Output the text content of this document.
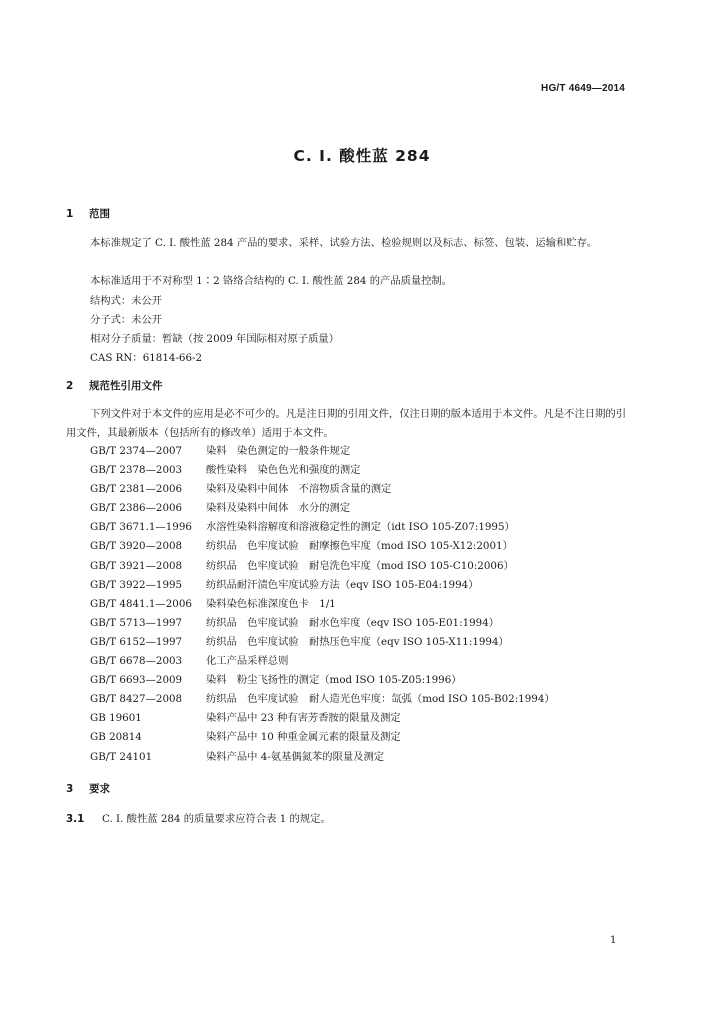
HG/T 4649—2014
C. I. 酸性蓝 284
1 范围

本标准规定了 C. I. 酸性蓝 284 产品的要求、采样、试验方法、检验规则以及标志、标签、包装、运输和贮存。

本标准适用于不对称型 1∶2 铬络合结构的 C. I. 酸性蓝 284 的产品质量控制。
结构式：未公开
分子式：未公开
相对分子质量：暂缺（按 2009 年国际相对原子质量）
CAS RN：61814-66-2
2 规范性引用文件

下列文件对于本文件的应用是必不可少的。凡是注日期的引用文件，仅注日期的版本适用于本文件。凡是不注日期的引用文件，其最新版本（包括所有的修改单）适用于本文件。

GB/T 2374—2007 染料　染色测定的一般条件规定
GB/T 2378—2003 酸性染料　染色色光和强度的测定
GB/T 2381—2006 染料及染料中间体　不溶物质含量的测定
GB/T 2386—2006 染料及染料中间体　水分的测定
GB/T 3671.1—1996 水溶性染料溶解度和溶液稳定性的测定（idt ISO 105-Z07:1995）
GB/T 3920—2008 纺织品　色牢度试验　耐摩擦色牢度（mod ISO 105-X12:2001）
GB/T 3921—2008 纺织品　色牢度试验　耐皂洗色牢度（mod ISO 105-C10:2006）
GB/T 3922—1995 纺织品耐汗渍色牢度试验方法（eqv ISO 105-E04:1994）
GB/T 4841.1—2006 染料染色标准深度色卡　1/1
GB/T 5713—1997 纺织品　色牢度试验　耐水色牢度（eqv ISO 105-E01:1994）
GB/T 6152—1997 纺织品　色牢度试验　耐热压色牢度（eqv ISO 105-X11:1994）
GB/T 6678—2003 化工产品采样总则
GB/T 6693—2009 染料　粉尘飞扬性的测定（mod ISO 105-Z05:1996）
GB/T 8427—2008 纺织品　色牢度试验　耐人造光色牢度：氙弧（mod ISO 105-B02:1994）
GB 19601	染料产品中 23 种有害芳香胺的限量及测定
GB 20814	染料产品中 10 种重金属元素的限量及测定
GB/T 24101	染料产品中 4-氨基偶氮苯的限量及测定
3 要求
3.1 C. I. 酸性蓝 284 的质量要求应符合表 1 的规定。
1
